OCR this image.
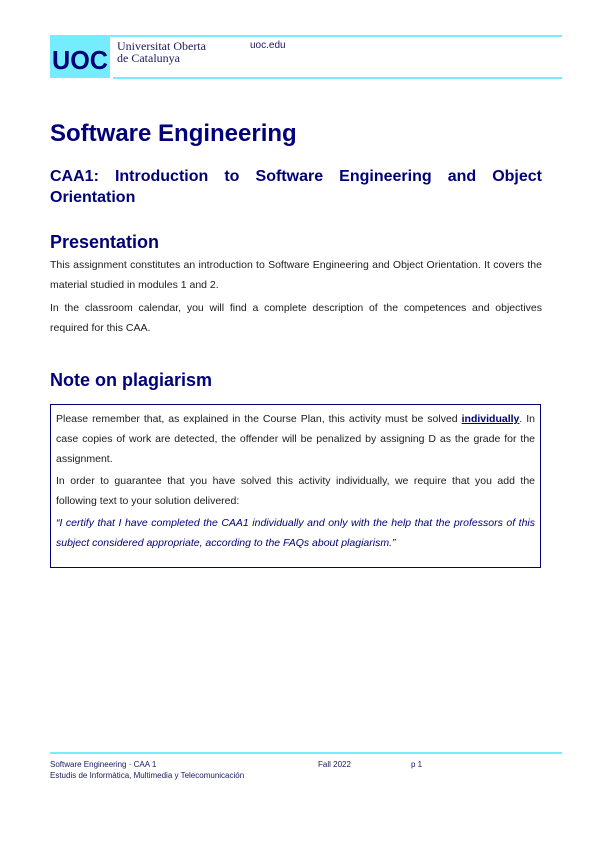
UOC Universitat Oberta
de Catalunya
uoc.edu
Software Engineering
CAA1: Introduction to Software Engineering and Object Orientation
Presentation

This assignment constitutes an introduction to Software Engineering and Object Orientation. It covers the material studied in modules 1 and 2.

In the classroom calendar, you will find a complete description of the competences and objectives required for this CAA.

Note on plagiarism

Please remember that, as explained in the Course Plan, this activity must be solved individually. In case copies of work are detected, the offender will be penalized by assigning D as the grade for the assignment.

In order to guarantee that you have solved this activity individually, we require that you add the following text to your solution delivered:

“I certify that I have completed the CAA1 individually and only with the help that the professors of this subject considered appropriate, according to the FAQs about plagiarism.”

Software Engineering · CAA 1
Estudis de Informàtica, Multimedia y Telecomunicación
Fall 2022	p 1
